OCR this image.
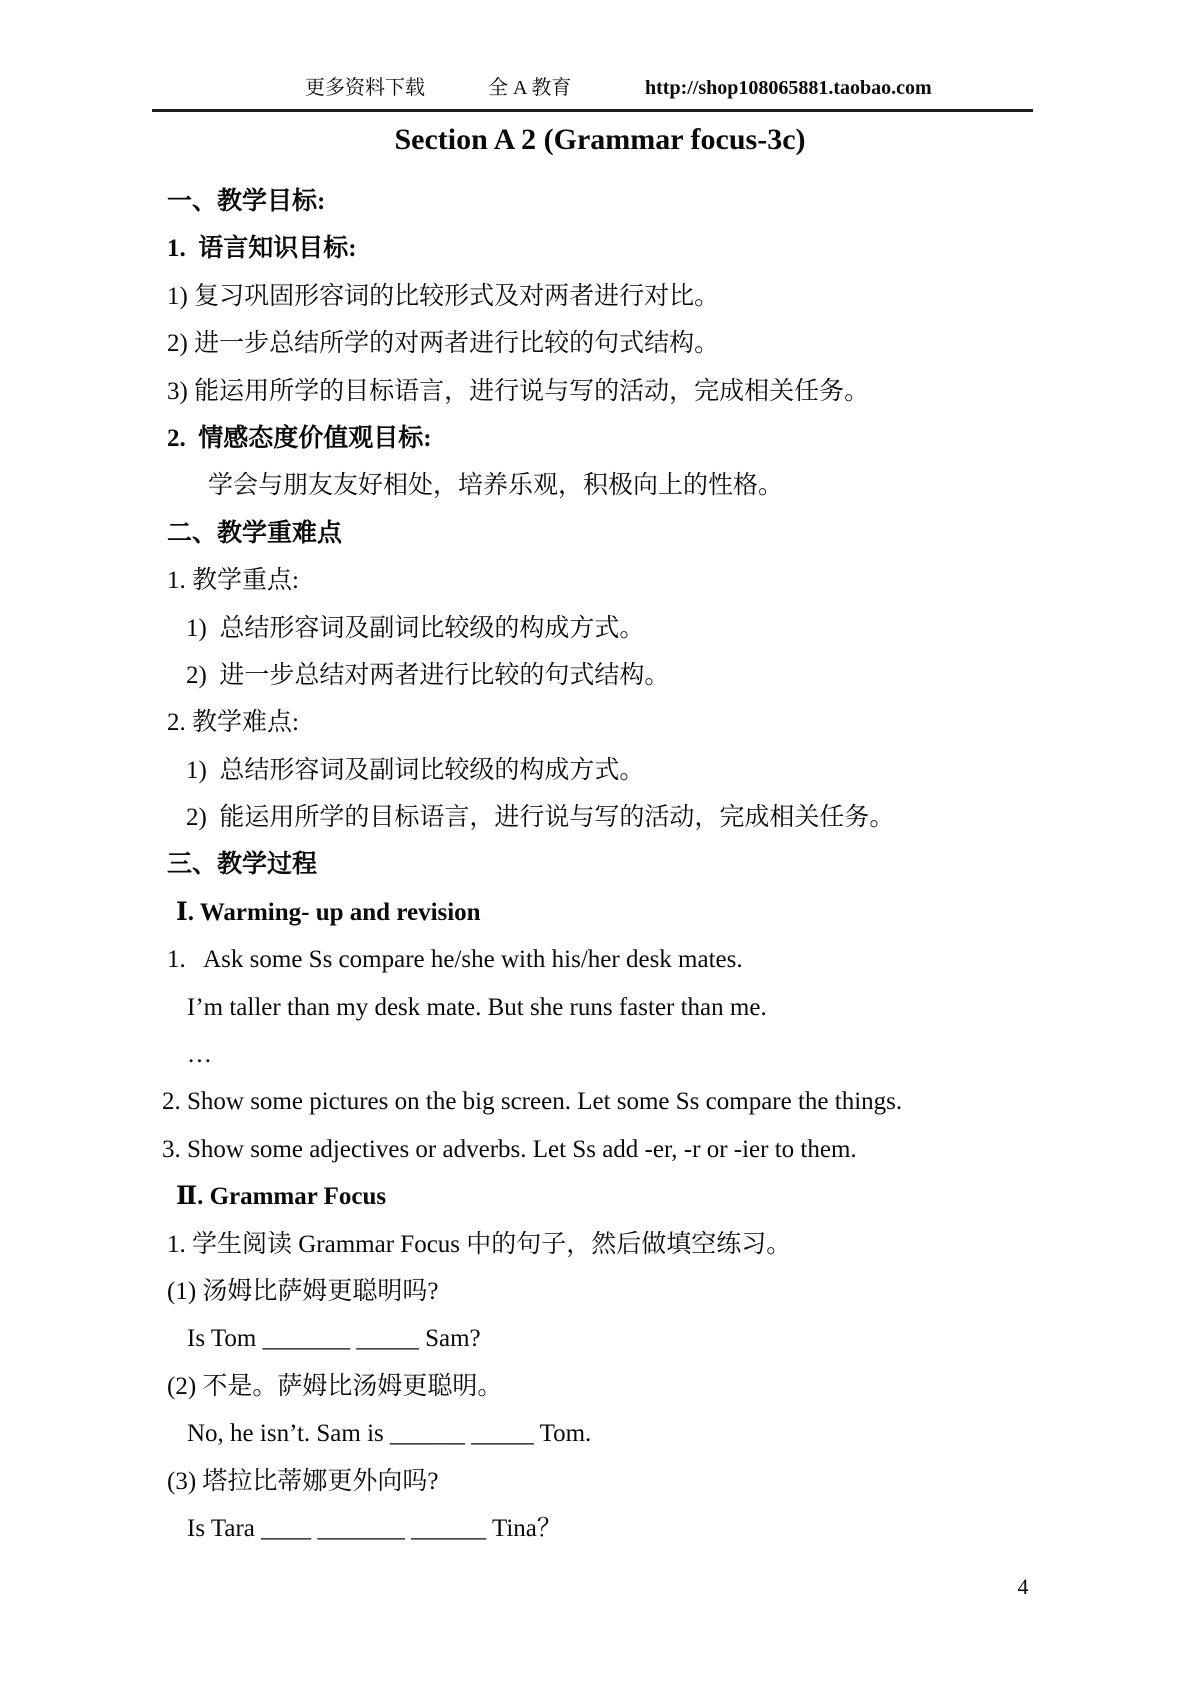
更多资料下载	全 A 教育	http://shop108065881.taobao.com
Section A 2 (Grammar focus-3c)
一、教学目标:
1.  语言知识目标:
1) 复习巩固形容词的比较形式及对两者进行对比。
2) 进一步总结所学的对两者进行比较的句式结构。
3) 能运用所学的目标语言，进行说与写的活动，完成相关任务。
2.  情感态度价值观目标:
学会与朋友友好相处，培养乐观，积极向上的性格。
二、教学重难点
1. 教学重点:
1)  总结形容词及副词比较级的构成方式。
2)  进一步总结对两者进行比较的句式结构。
2. 教学难点:
1)  总结形容词及副词比较级的构成方式。
2)  能运用所学的目标语言，进行说与写的活动，完成相关任务。
三、教学过程
Ⅰ. Warming- up and revision
1.   Ask some Ss compare he/she with his/her desk mates.
I’m taller than my desk mate. But she runs faster than me.
…
2. Show some pictures on the big screen. Let some Ss compare the things.
3. Show some adjectives or adverbs. Let Ss add -er, -r or -ier to them.
Ⅱ. Grammar Focus
1. 学生阅读 Grammar Focus 中的句子，然后做填空练习。
(1) 汤姆比萨姆更聪明吗?
Is Tom _______ _____ Sam?
(2) 不是。萨姆比汤姆更聪明。
No, he isn’t. Sam is ______ _____ Tom.
(3) 塔拉比蒂娜更外向吗?
Is Tara ____ _______ ______ Tina？
4
